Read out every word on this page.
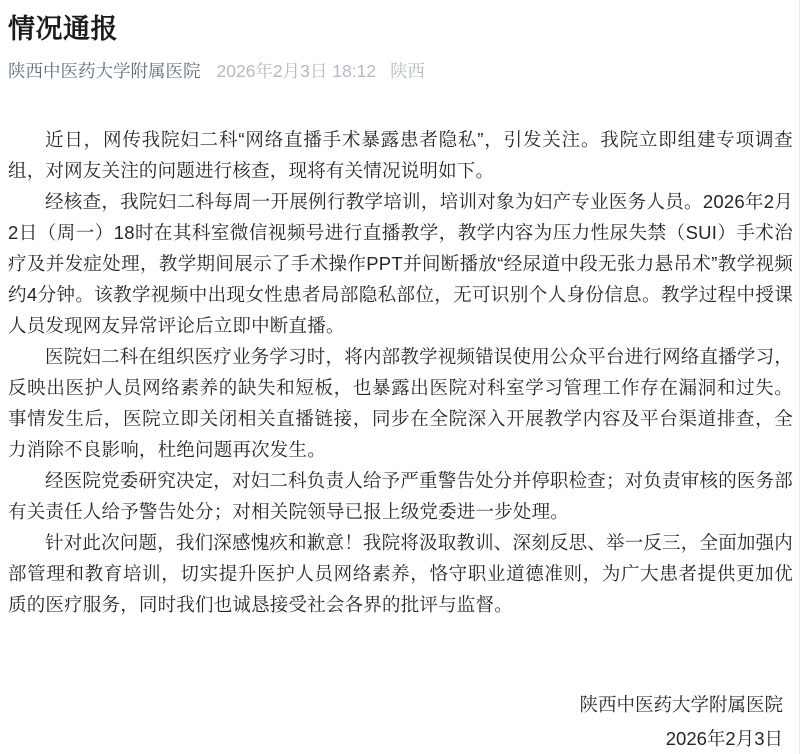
情况通报
陕西中医药大学附属医院 2026年2月3日 18:12 陕西

近日，网传我院妇二科“网络直播手术暴露患者隐私”，引发关注。我院立即组建专项调查组，对网友关注的问题进行核查，现将有关情况说明如下。

经核查，我院妇二科每周一开展例行教学培训，培训对象为妇产专业医务人员。2026年2月2日（周一）18时在其科室微信视频号进行直播教学，教学内容为压力性尿失禁（SUI）手术治疗及并发症处理，教学期间展示了手术操作PPT并间断播放“经尿道中段无张力悬吊术”教学视频约4分钟。该教学视频中出现女性患者局部隐私部位，无可识别个人身份信息。教学过程中授课人员发现网友异常评论后立即中断直播。

医院妇二科在组织医疗业务学习时，将内部教学视频错误使用公众平台进行网络直播学习，反映出医护人员网络素养的缺失和短板，也暴露出医院对科室学习管理工作存在漏洞和过失。事情发生后，医院立即关闭相关直播链接，同步在全院深入开展教学内容及平台渠道排查，全力消除不良影响，杜绝问题再次发生。

经医院党委研究决定，对妇二科负责人给予严重警告处分并停职检查；对负责审核的医务部有关责任人给予警告处分；对相关院领导已报上级党委进一步处理。

针对此次问题，我们深感愧疚和歉意！我院将汲取教训、深刻反思、举一反三，全面加强内部管理和教育培训，切实提升医护人员网络素养，恪守职业道德准则，为广大患者提供更加优质的医疗服务，同时我们也诚恳接受社会各界的批评与监督。

陕西中医药大学附属医院
2026年2月3日
